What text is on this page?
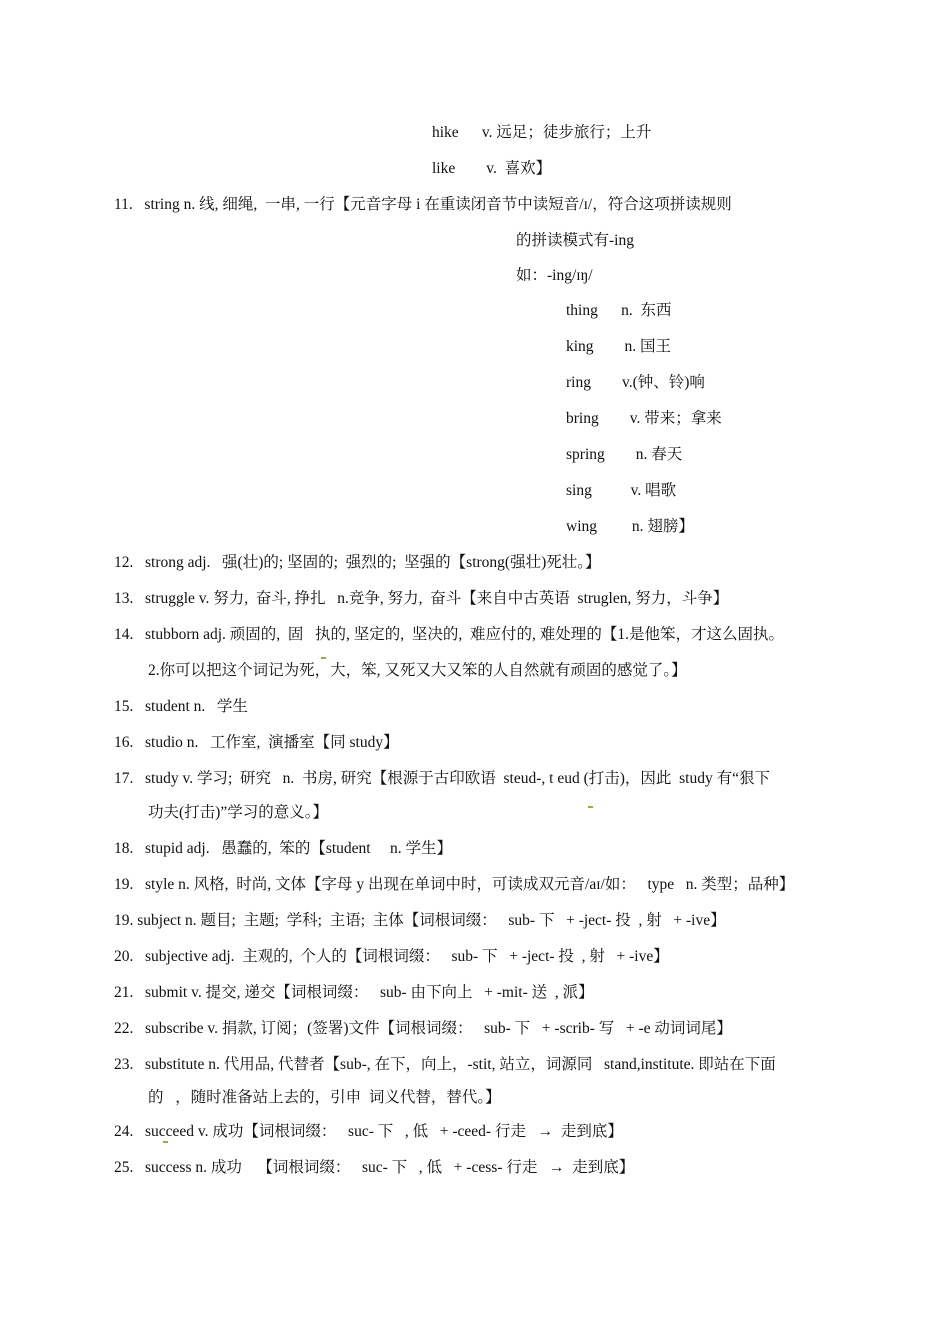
hike      v. 远足；徒步旅行；上升
like        v.  喜欢】
11.   string n. 线, 细绳,  一串, 一行【元音字母 i 在重读闭音节中读短音/ɪ/，符合这项拼读规则
的拼读模式有-ing
如：-ing/ɪŋ/
thing      n.  东西
king        n. 国王
ring        v.(钟、铃)响
bring        v. 带来；拿来
spring        n. 春天
sing          v. 唱歌
wing         n. 翅膀】
12.   strong adj.   强(壮)的; 坚固的;  强烈的;  坚强的【strong(强壮)死壮。】
13.   struggle v. 努力,  奋斗, 挣扎   n.竞争, 努力,  奋斗【来自中古英语  struglen, 努力，斗争】
14.   stubborn adj. 顽固的,  固   执的, 坚定的,  坚决的,  难应付的, 难处理的【1.是他笨，才这么固执。
2.你可以把这个词记为死，大，笨, 又死又大又笨的人自然就有顽固的感觉了。】
15.   student n.   学生
16.   studio n.   工作室,  演播室【同 study】
17.   study v. 学习;  研究   n.  书房, 研究【根源于古印欧语  steud-, t eud (打击)，因此  study 有“狠下
功夫(打击)”学习的意义。】
18.   stupid adj.   愚蠢的,  笨的【student     n. 学生】
19.   style n. 风格,  时尚, 文体【字母 y 出现在单词中时，可读成双元音/aɪ/如：   type   n. 类型；品种】
19. subject n. 题目;  主题;  学科;  主语;  主体【词根词缀：   sub- 下   + -ject- 投  , 射   + -ive】
20.   subjective adj.  主观的,  个人的【词根词缀：   sub- 下   + -ject- 投  , 射   + -ive】
21.   submit v. 提交, 递交【词根词缀：   sub- 由下向上   + -mit- 送  , 派】
22.   subscribe v. 捐款, 订阅；(签署)文件【词根词缀：   sub- 下   + -scrib- 写   + -e 动词词尾】
23.   substitute n. 代用品, 代替者【sub-, 在下，向上，-stit, 站立，词源同   stand,institute. 即站在下面
的   ，随时准备站上去的，引申  词义代替，替代。】
24.   succeed v. 成功【词根词缀：   suc- 下   , 低   + -ceed- 行走   →  走到底】
25.   success n. 成功    【词根词缀：   suc- 下   , 低   + -cess- 行走   →  走到底】
